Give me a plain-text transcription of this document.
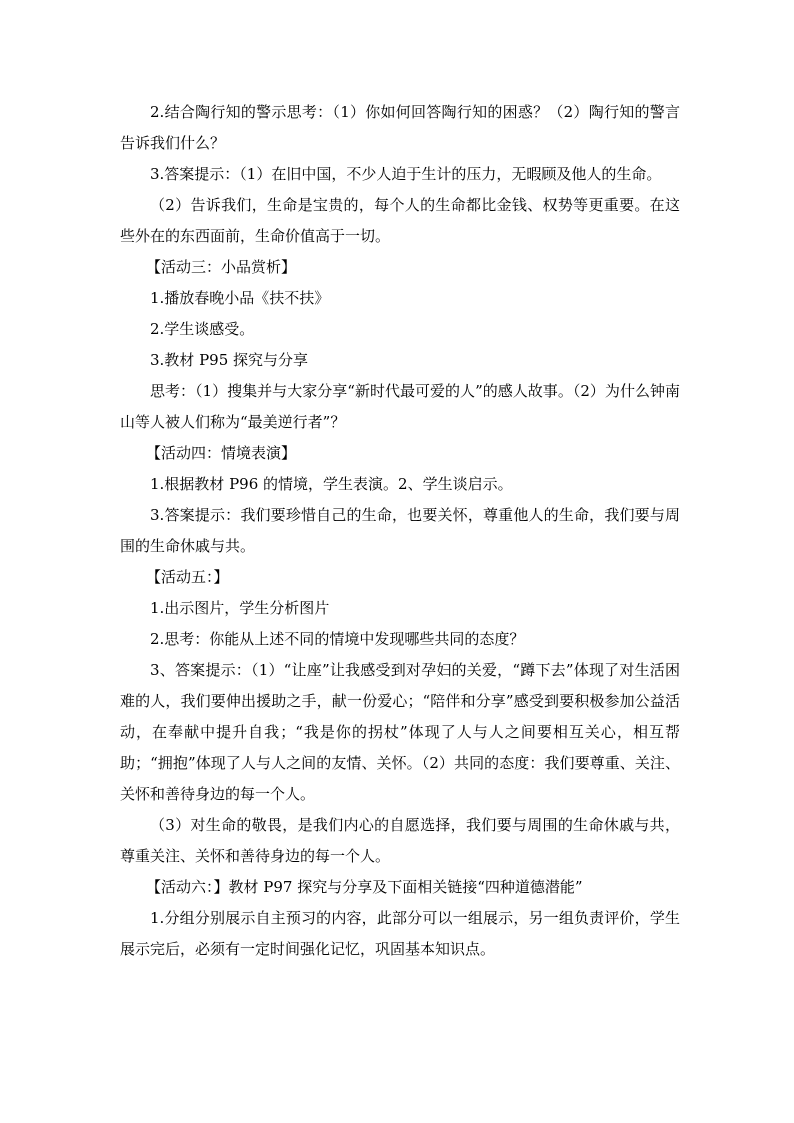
2.结合陶行知的警示思考：（1）你如何回答陶行知的困惑？（2）陶行知的警言告诉我们什么？

3.答案提示：（1）在旧中国，不少人迫于生计的压力，无暇顾及他人的生命。

（2）告诉我们，生命是宝贵的，每个人的生命都比金钱、权势等更重要。在这些外在的东西面前，生命价值高于一切。

【活动三：小品赏析】

1.播放春晚小品《扶不扶》

2.学生谈感受。

3.教材 P95 探究与分享

思考：（1）搜集并与大家分享“新时代最可爱的人”的感人故事。（2）为什么钟南山等人被人们称为“最美逆行者”？

【活动四：情境表演】

1.根据教材 P96 的情境，学生表演。2、学生谈启示。

3.答案提示：我们要珍惜自己的生命，也要关怀，尊重他人的生命，我们要与周围的生命休戚与共。

【活动五：】

1.出示图片，学生分析图片

2.思考：你能从上述不同的情境中发现哪些共同的态度？

3、答案提示：（1）“让座”让我感受到对孕妇的关爱，“蹲下去”体现了对生活困难的人，我们要伸出援助之手，献一份爱心；“陪伴和分享”感受到要积极参加公益活动，在奉献中提升自我；“我是你的拐杖”体现了人与人之间要相互关心，相互帮助；“拥抱”体现了人与人之间的友情、关怀。（2）共同的态度：我们要尊重、关注、关怀和善待身边的每一个人。

（3）对生命的敬畏，是我们内心的自愿选择，我们要与周围的生命休戚与共，尊重关注、关怀和善待身边的每一个人。

【活动六：】教材 P97 探究与分享及下面相关链接“四种道德潜能”

1.分组分别展示自主预习的内容，此部分可以一组展示，另一组负责评价，学生展示完后，必须有一定时间强化记忆，巩固基本知识点。
